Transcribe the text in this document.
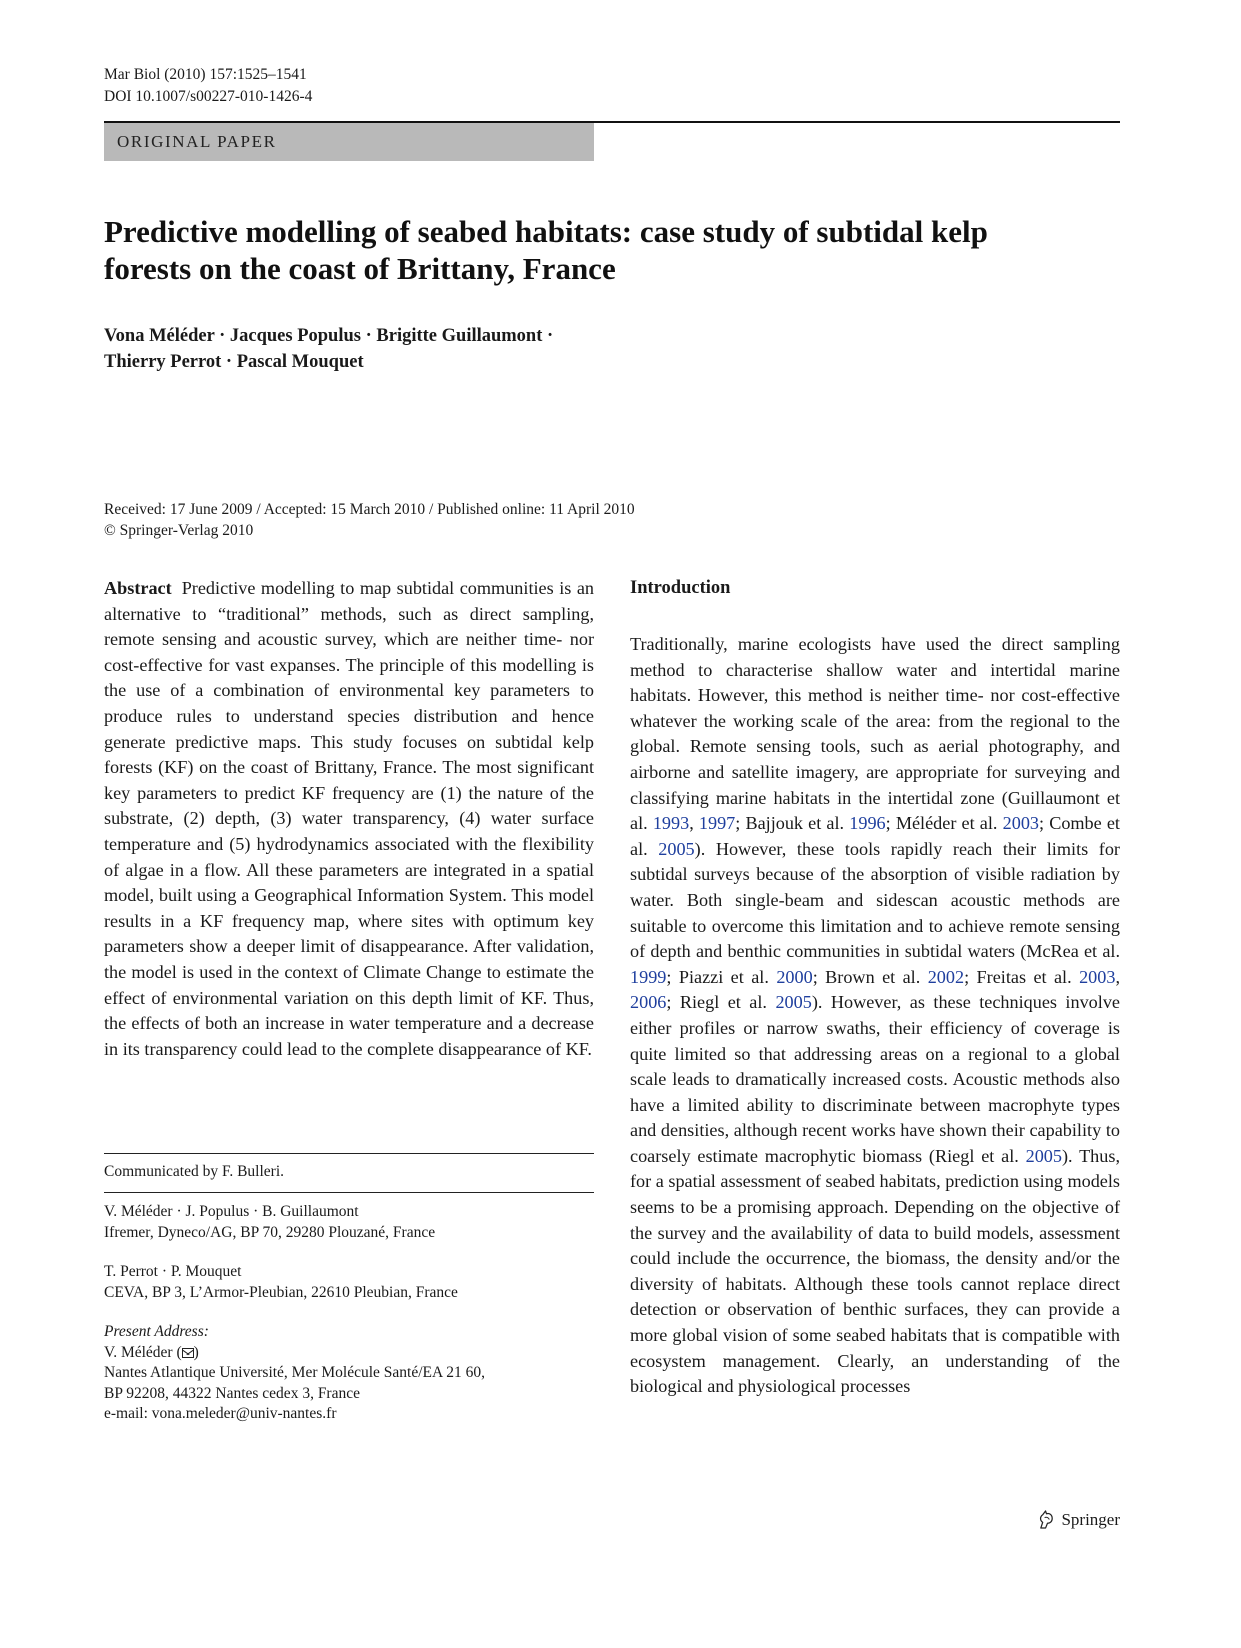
Mar Biol (2010) 157:1525–1541
DOI 10.1007/s00227-010-1426-4
ORIGINAL PAPER
Predictive modelling of seabed habitats: case study of subtidal kelp forests on the coast of Brittany, France
Vona Méléder · Jacques Populus · Brigitte Guillaumont ·
Thierry Perrot · Pascal Mouquet
Received: 17 June 2009 / Accepted: 15 March 2010 / Published online: 11 April 2010
© Springer-Verlag 2010

Abstract Predictive modelling to map subtidal communities is an alternative to “traditional” methods, such as direct sampling, remote sensing and acoustic survey, which are neither time- nor cost-effective for vast expanses. The principle of this modelling is the use of a combination of environmental key parameters to produce rules to understand species distribution and hence generate predictive maps. This study focuses on subtidal kelp forests (KF) on the coast of Brittany, France. The most significant key parameters to predict KF frequency are (1) the nature of the substrate, (2) depth, (3) water transparency, (4) water surface temperature and (5) hydrodynamics associated with the flexibility of algae in a flow. All these parameters are integrated in a spatial model, built using a Geographical Information System. This model results in a KF frequency map, where sites with optimum key parameters show a deeper limit of disappearance. After validation, the model is used in the context of Climate Change to estimate the effect of environmental variation on this depth limit of KF. Thus, the effects of both an increase in water temperature and a decrease in its transparency could lead to the complete disappearance of KF.

Communicated by F. Bulleri.
V. Méléder · J. Populus · B. Guillaumont
Ifremer, Dyneco/AG, BP 70, 29280 Plouzané, France
T. Perrot · P. Mouquet
CEVA, BP 3, L’Armor-Pleubian, 22610 Pleubian, France
Present Address:
V. Méléder ( )
Nantes Atlantique Université, Mer Molécule Santé/EA 21 60,
BP 92208, 44322 Nantes cedex 3, France
e-mail: vona.meleder@univ-nantes.fr
Introduction

Traditionally, marine ecologists have used the direct sampling method to characterise shallow water and intertidal marine habitats. However, this method is neither time- nor cost-effective whatever the working scale of the area: from the regional to the global. Remote sensing tools, such as aerial photography, and airborne and satellite imagery, are appropriate for surveying and classifying marine habitats in the intertidal zone (Guillaumont et al. 1993, 1997; Bajjouk et al. 1996; Méléder et al. 2003; Combe et al. 2005). However, these tools rapidly reach their limits for subtidal surveys because of the absorption of visible radiation by water. Both single-beam and sidescan acoustic methods are suitable to overcome this limitation and to achieve remote sensing of depth and benthic communities in subtidal waters (McRea et al. 1999; Piazzi et al. 2000; Brown et al. 2002; Freitas et al. 2003, 2006; Riegl et al. 2005). However, as these techniques involve either profiles or narrow swaths, their efficiency of coverage is quite limited so that addressing areas on a regional to a global scale leads to dramatically increased costs. Acoustic methods also have a limited ability to discriminate between macrophyte types and densities, although recent works have shown their capability to coarsely estimate macrophytic biomass (Riegl et al. 2005). Thus, for a spatial assessment of seabed habitats, prediction using models seems to be a promising approach. Depending on the objective of the survey and the availability of data to build models, assessment could include the occurrence, the biomass, the density and/or the diversity of habitats. Although these tools cannot replace direct detection or observation of benthic surfaces, they can provide a more global vision of some seabed habitats that is compatible with ecosystem management. Clearly, an understanding of the biological and physiological processes

Springer
